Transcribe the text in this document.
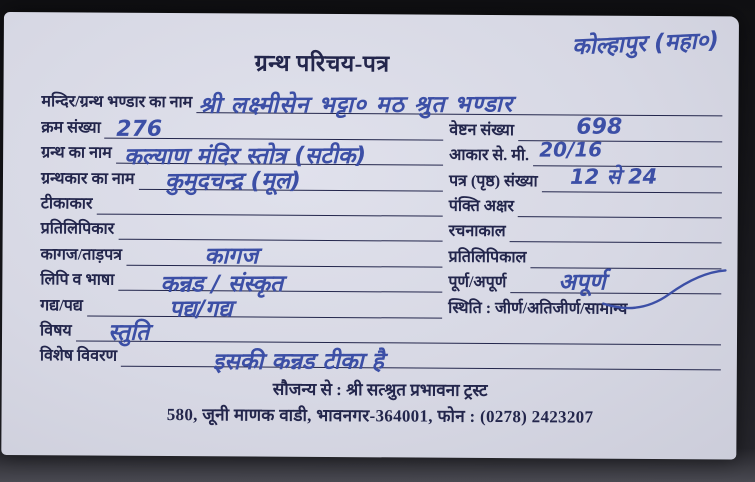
कोल्हापुर (महा०)
ग्रन्थ परिचय-पत्र
मन्दिर/ग्रन्थ भण्डार का नाम श्री लक्ष्मीसेन भट्टा० मठ श्रुत भण्डार
क्रम संख्या 276	वेष्टन संख्या	698
ग्रन्थ का नाम कल्याण मंदिर स्तोत्र (सटीक)	आकार से. मी. 20/16
ग्रन्थकार का नाम कुमुदचन्द्र (मूल)	पत्र (पृष्ठ) संख्या 12 से 24
टीकाकार	पंक्ति अक्षर
प्रतिलिपिकार	रचनाकाल
कागज/ताड़पत्र	कागज	प्रतिलिपिकाल
लिपि व भाषा कन्नड / संस्कृत	पूर्ण/अपूर्ण अपूर्ण
गद्य/पद्य	पद्य/गद्य	स्थिति : जीर्ण/अतिजीर्ण/सामान्य
विषय स्तुति
विशेष विवरण	इसकी कन्नड टीका है
सौजन्य से : श्री सत्श्रुत प्रभावना ट्रस्ट
580, जूनी माणक वाडी, भावनगर-364001, फोन : (0278) 2423207
